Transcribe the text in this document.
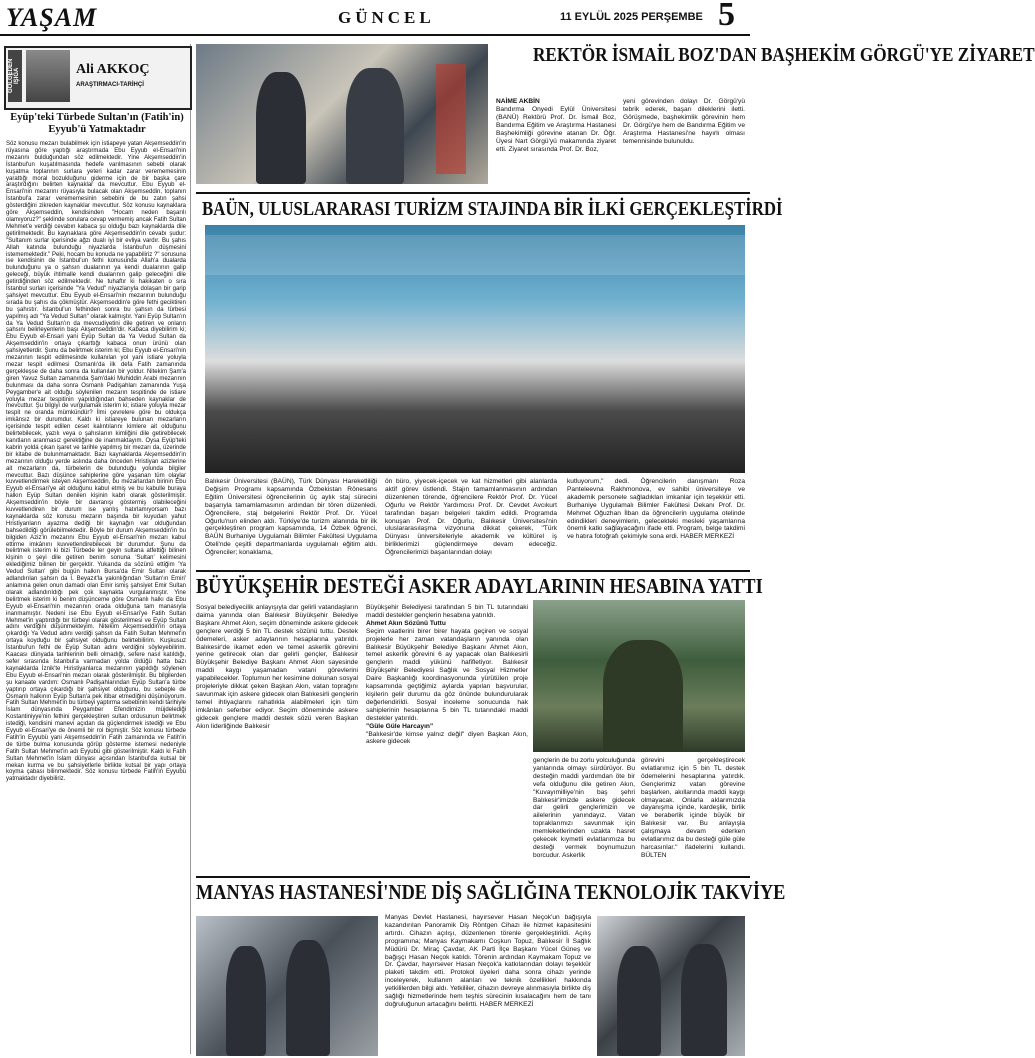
YAŞAM	GÜNCEL	11 EYLÜL 2025 PERŞEMBE 5
GÖLGEDEN IŞIĞA	Ali AKKOÇ
ARAŞTIRMACI-TARİHÇİ
Eyüp'teki Türbede Sultan'ın (Fatih'in) Eyyub'ü Yatmaktadır
Söz konusu mezarı bulabilmek için istiареye yatan Akşemseddin'in rüyasına göre yaptığı araştırmada Ebu Eyyub el-Ensari'nin mezarını bulduğundan söz edilmektedir. Yine Akşemseddin'in İstanbul'un kuşatılmasında hedefe varılmasının sebebi olarak kuşatma toplarının surlara yeteri kadar zarar verememesinin yarattığı moral bozukluğunu giderme için de bir başka çare araştırdığını belirten kaynaklar da mevcuttur. Ebu Eyyub el-Ensari'nin mezarını rüyasıyla bulacak olan Akşemseddin, toplanın İstanbul'a zarar verememesinin sebebini de bu zatın şahsi gösterdiğini zikreden kaynaklar mevcuttur. Söz konusu kaynaklara göre Akşemseddin, kendisinden "Hocam neden başarılı olamıyoruz?" şeklinde sorulara cevap vermemiş ancak Fatih Sultan Mehmet'e verdiği cevabın kabaca şu olduğu bazı kaynaklarda dile getirilmektedir. Bu kaynaklara göre Akşemseddin'in cevabı şudur: "Sultanım surlar içerisinde ağzı dualı iyi bir evliya vardır. Bu şahıs Allah katında bulunduğu niyazlarda İstanbul'un düşmesini istememektedir." Peki, hocam bu konuda ne yapabiliriz ?" sorusuna ise kendisinin de İstanbul'un fethi konusunda Allah'a dualarda bulunduğunu ya o şahsın dualarının ya kendi dualarının galip geleceği, büyük ihtimalle kendi dualarının galip geleceğini dile getirdiğinden söz edilmektedir. Ne tuhaftır ki hakikaten o sıra İstanbul surları içerisinde "Ya Vedud" niyazlarıyla dolaşan bir garip şahsiyet mevcuttur. Ebu Eyyub el-Ensari'nin mezarının bulunduğu sırada bu şahıs da çökmüştür. Akşemseddin'e göre fethi geciktiren bu şahıstır. İstanbul'un fethinden sonra bu şahsın da türbesi yapılmış adı "Ya Vedud Sultan" olarak kalmıştır. Yani Eyüp Sultan'ın da Ya Vedud Sultan'ın da mevcudiyetini dile getiren ve onların şahsını belirleyenlerin başı Akşemseddin'dir. Kabaca diyebilirim ki; Ebu Eyyub el-Ensari yani Eyüp Sultan da Ya Vedud Sultan da Akşemseddin'in ortaya çıkarttığı kabaca onun ürünü olan şahsiyetlerdir. Şunu da belirtmek isterim ki; Ebu Eyyub el-Ensari'nin mezarının tespit edilmesinde kullanılan yol yani istiare yoluyla mezar tespit edilmesi Osmanlı'da ilk defa Fatih zamanında gerçekleşse de daha sonra da kullanılan bir yoldur. Nitekim Şam'a giren Yavuz Sultan zamanında Şam'daki Muhiddin Arabi mezarının bulunması da daha sonra Osmanlı Padişahları zamanında Yuşa Peygamber'e ait olduğu söylenilen mezarın tespitinde de istiare yoluyla mezar tespitinin yapıldığından bahseden kaynaklar de mevcuttur. Şu bilgiyi de vurgulamak isterim ki; istiare yoluyla mezar tespit ne oranda mümkündür? İlmi çevrelere göre bu oldukça imkânsız bir durumdur. Kaldı ki istiareye bulunan mezarların içerisinde tespit edilen ceset kalıntılarını kimlere ait olduğunu belirtebilecek, yazılı veya o şahıslarıın kimliğini dile getirebilecek kanıtların aranmasız gerektiğine de inanmaktayım. Oysa Eyüp'teki kabrin yoldá çıkan işaret ve tarihle yapılmış bir mezarı da, üzerinde bir kitabe de bulunmamaktadır. Bazı kaynaklarda Akşemseddin'in mezarının olduğu yerde aslında daha önceden Hristiyan azizlerine ait mezarların da, türbelerin de bulunduğu yolunda bilgiler mevcuttur. Bazı düşünce sahiplerine göre yaşanan tüm olaylar kuvvetlendirmek isteyen Akşemseddin, bu mezarlardan birinin Ebu Eyyub el-Ensari'ye ait olduğunu kabul etmiş ve bu kabulle buraya halkın Eyüp Sultan denilen kişinin kabri olarak gösterilmiştir. Akşemseddin'in böyle bir davranışı göstermiş olabileceğini kuvvetlendiren bir durum ise yanlış hatırlamıyorsam bazı kaynaklarda söz konusu mezarın başında bir kuyudan yahut Hristiyanların ayazma dediği bir kaynağın var olduğundan bahsedildiği görülebilmektedir. Böyle bir durum Akşemseddin'in bu bilgiden Aziz'in mezarını Ebu Eyyub el-Ensari'nin mezarı kabul ettirme imkânını kuvvetlendirebilecek bir durumdur. Şunu da belirtmek isterim ki bizi Türbede ler geyin sultana atfettiği bilinen kişinin o şeyi dile getiren benim sonuna 'Sultan' kelimesini eklediğimiz bilinen bir gerçektir. Yukarıda da sözünü ettiğim 'Ya Vedud Sultan' gibi bugün halkın Bursa'da Emir Sultan olarak adlandırılan şahsın da I. Beyazıt'la yakınlığından 'Sultan'ın Emiri' anlamına gelen onun damadı olan Emir ismiş şahsiyet Emir Sultan olarak adlandırıldığı pek çok kaynakta vurgulanmıştır. Yine belirtmek isterim ki benim düşünceme göre Osmanlı halkı da Ebu Eyyub el-Ensari'nin mezarının orada olduğuna tam manasıyla inanmamıştır. Nedeni ise Ebu Eyyub el-Ensari'ye Fatih Sultan Mehmet'in yaptırdığı bir türbeyi olarak gösterilmesi ve Eyüp Sultan adını verdiğini düşünmekteyim. Nitekim Akşemseddin'in ortaya çıkardığı Ya Vedud adını verdiği şahsın da Fatih Sultan Mehmet'in ortaya koyduğu bir şahsiyet olduğunu belirtebilirim. Kuşkusuz İstanbul'un fethi de Eyüp Sultan adını verdiğini söyleyebilirim. Kaacası dünyada tarihlerinin belli olmadığı, sefere nasıl katıldığı, sefer sırasında İstanbul'a varmadan yolda öldüğü hatta bazı kaynaklarda İznik'te Hıristiyanlarca mezarının yapıldığı söylenen Ebu Eyyub el-Ensari'nin mezarı olarak gösterilmiştir. Bu bilgilerden şu kanaate vardım: Osmanlı Padişahlarından Eyüp Sultan'a türbe yaptırıp ortaya çıkardığı bir şahsiyet olduğunu, bu sebeple de Osmanlı halkının Eyüp Sultan'a pek itibar etmediğini düşünüyorum. Fatih Sultan Mehmet'in bu türbeyi yaptırma sebebinin kendi tarihiyle İslam dünyasında Peygamber Efendimizin müjdelediği Kostantiniyye'nin fethini gerçekleştiren sultan ordusunun belirtmek istediği, kendisini manevi açıdan da güçlendirmek istediği ve Ebu Eyyub el-Ensari'ye de önemli bir rol biçmiştir. Söz konusu türbede Fatih'in Eyyubü yani Akşemseddin'in Fatih zamanında ve Fatih'in de türbe bulma konusunda görüp gösterme istemesi nedeniyle Fatih Sultan Mehmet'in adı Eyyubü gibi gösterilmiştir. Kaldı ki Fatih Sultan Mehmet'in İslam dünyası açısından İstanbul'da kutsal bir mekan kurma ve bu şahsiyetlerle birlikte kutsal bir yapı ortaya koyma çabası bilinmektedir. Söz konusu türbede Fatih'in Eyyubü yatmaktadır diyebiliriz.
REKTÖR İSMAİL BOZ'DAN BAŞHEKİM GÖRGÜ'YE ZİYARET
NAİME AKBİN
Bandırma Onyedi Eylül Üniversitesi (BANÜ) Rektörü Prof. Dr. İsmail Boz, Bandırma Eğitim ve Araştırma Hastanesi Başhekimliği görevine atanan Dr. Öğr. Üyesi Nart Görgü'yü makamında ziyaret etti. Ziyaret sırasında Prof. Dr. Boz,
yeni görevinden dolayı Dr. Görgü'yü tebrik ederek, başarı dileklerini iletti. Görüşmede, başhekimlik görevinin hem Dr. Görgü'ye hem de Bandırma Eğitim ve Araştırma Hastanesi'ne hayırlı olması temennisinde bulunuldu.
BAÜN, ULUSLARARASI TURİZM STAJINDA BİR İLKİ GERÇEKLEŞTİRDİ
Balıkesir Üniversitesi (BAÜN), Türk Dünyası Hareketliliği Değişim Programı kapsamında Özbekistan Rönesans Eğitim Üniversitesi öğrencilerinin üç aylık staj sürecini başarıyla tamamlamasının ardından bir tören düzenledi. Öğrencilere, staj belgelerini Rektör Prof. Dr. Yücel Oğurlu'nun elinden aldı. Türkiye'de turizm alanında bir ilk gerçekleştiren program kapsamında, 14 Özbek öğrenci, BAÜN Burhaniye Uygulamalı Bilimler Fakültesi Uygulama Oteli'nde çeşitli departmanlarda uygulamalı eğitim aldı. Öğrenciler; konaklama,
ön büro, yiyecek-içecek ve kat hizmetleri gibi alanlarda aktif görev üstlendi. Stajın tamamlanmasının ardından düzenlenen törende, öğrencilere Rektör Prof. Dr. Yücel Oğurlu ve Rektör Yardımcısı Prof. Dr. Cevdet Avcıkurt tarafından başarı belgeleri takdim edildi. Programda konuşan Prof. Dr. Oğurlu, Balıkesir Üniversitesi'nin uluslararasılaşma vizyonuna dikkat çekerek, "Türk Dünyası üniversiteleriyle akademik ve kültürel iş birliklerimizi güçlendirmeye devam edeceğiz. Öğrencilerimizi başarılarından dolayı
kutluyorum," dedi. Öğrencilerin danışmanı Roza Pantelеevna Rakhmonova, ev sahibi üniversiteye ve akademik personele sağladıkları imkanlar için teşekkür etti. Burhaniye Uygulamalı Bilimler Fakültesi Dekanı Prof. Dr. Mehmet Oğuzhan İlban da öğrencilerin uygulama otelinde edindikleri deneyimlerin, gelecekteki mesleki yaşamlarına önemli katkı sağlayacağını ifade etti. Program, belge takdimi ve hatıra fotoğrafı çekimiyle sona erdi. HABER MERKEZİ
BÜYÜKŞEHİR DESTEĞİ ASKER ADAYLARININ HESABINA YATTI
Sosyal belediyecilik anlayışıyla dar gelirli vatandaşların daima yanında olan Balıkesir Büyükşehir Belediye Başkanı Ahmet Akın, seçim döneminde askere gidecek gençlere verdiği 5 bin TL destek sözünü tuttu. Destek ödemeleri, asker adaylarının hesaplarına yatırıldı. Balıkesir'de ikamet eden ve temel askerlik görevini yerine getirecek olan dar gelirli gençler, Balıkesir Büyükşehir Belediye Başkanı Ahmet Akın sayesinde maddi kaygı yaşamadan vatani görevlerini yapabilecekler. Toplumun her kesimine dokunan sosyal projeleriyle dikkat çeken Başkan Akın, vatan toprağını savunmak için askere gidecek olan Balıkesirli gençlerin temel ihtiyaçlarını rahatlıkla alabilmeleri için tüm imkânları seferber ediyor. Seçim döneminde askere gidecek gençlere maddi destek sözü veren Başkan Akın liderliğinde Balıkesir
Büyükşehir Belediyesi tarafından 5 bin TL tutarındaki maddi destekler gençlerin hesabına yatırıldı.
Ahmet Akın Sözünü Tuttu
Seçim vaatlerini birer birer hayata geçiren ve sosyal projelerle her zaman vatandaşların yanında olan Balıkesir Büyükşehir Belediye Başkanı Ahmet Akın, temel askerlik görevini 6 ay yapacak olan Balıkesirli gençlerin maddi yükünü hafifletiyor. Balıkesir Büyükşehir Belediyesi Sağlık ve Sosyal Hizmetler Daire Başkanlığı koordinasyonunda yürütülen proje kapsamında geçtiğimiz aylarda yapılan başvurular, kişilerin gelir durumu da göz önünde bulundurularak değerlendirildi. Sosyal inceleme sonucunda hak sahiplerinin hesaplarına 5 bin TL tutarındaki maddi destekler yatırıldı.
"Güle Güle Harcayın"
"Balıkesir'de kimse yalnız değil" diyen Başkan Akın, askere gidecek
gençlerin de bu zorlu yolculuğunda yanlarında olmayı sürdürüyor. Bu desteğin maddi yardımdan öte bir vefa olduğunu dile getiren Akın, "Kuvayımilliye'nin baş şehri Balıkesir'imizde askere gidecek dar gelirli gençlerimizin ve ailelerinin yanındayız. Vatan topraklarımızı savunmak için memleketlerinden uzakta hasret çekecek kıymetli evlatlarımıza bu desteği vermek boynumuzun borcudur. Askerlik
görevini gerçekleştirecek evlatlarımız için 5 bin TL destek ödemelerini hesaplarına yatırdık. Gençlerimiz vatan görevine başlarken, akıllarında maddi kaygı olmayacak. Onlarla aklarımızda dayanışma içinde, kardeşlik, birlik ve beraberlik içinde büyük bir Balıkesir var. Bu anlayışla çalışmaya devam ederken evlatlarımız da bu desteği güle güle harcasınlar." ifadelerini kullandı. BÜLTEN
MANYAS HASTANESİ'NDE DİŞ SAĞLIĞINA TEKNOLOJİK TAKVİYE
Manyas Devlet Hastanesi, hayırsever Hasan Neçok'un bağışıyla kazandırılan Panoramik Diş Röntgen Cihazı ile hizmet kapasitesini artırdı. Cihazın açılışı, düzenlenen törenle gerçekleştirildi. Açılış programına; Manyas Kaymakamı Coşkun Topuz, Balıkesir İl Sağlık Müdürü Dr. Miraç Çavdar, AK Parti İlçe Başkanı Yücel Güneş ve bağışçı Hasan Neçok katıldı. Törenin ardından Kaymakam Topuz ve Dr. Çavdar, hayırsever Hasan Neçok'a katkılarından dolayı teşekkür plaketi takdim etti. Protokol üyeleri daha sonra cihazı yerinde inceleyerek, kullanım alanları ve teknik özellikleri hakkında yetkililerden bilgi aldı. Yetkililer, cihazın devreye alınmasıyla birlikte diş sağlığı hizmetlerinde hem teşhis sürecinin kısalacağını hem de tanı doğruluğunun artacağını belirtti. HABER MERKEZİ
